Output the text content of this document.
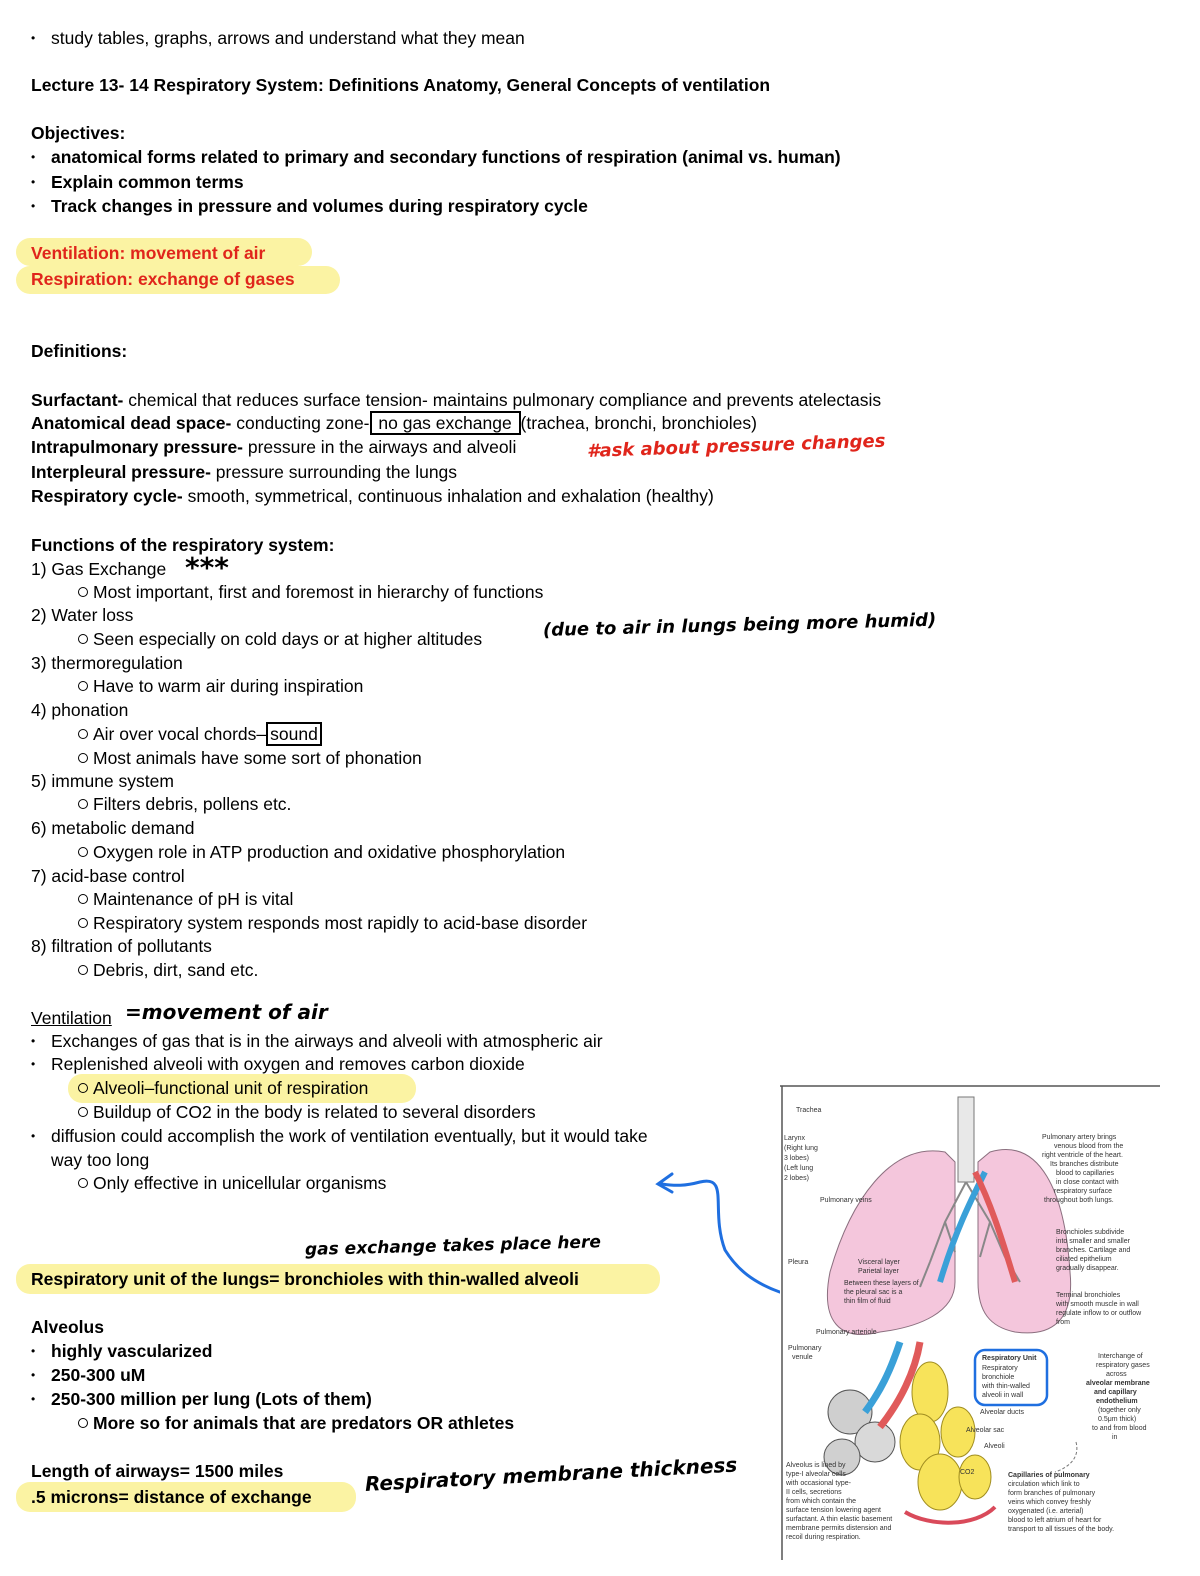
• study tables, graphs, arrows and understand what they mean
Lecture 13- 14 Respiratory System: Definitions Anatomy, General Concepts of ventilation
Objectives:
• anatomical forms related to primary and secondary functions of respiration (animal vs. human)
• Explain common terms
• Track changes in pressure and volumes during respiratory cycle
Ventilation: movement of air
Respiration: exchange of gases
Definitions:
Surfactant- chemical that reduces surface tension- maintains pulmonary compliance and prevents atelectasis
Anatomical dead space- conducting zone- no gas exchange (trachea, bronchi, bronchioles)
Intrapulmonary pressure- pressure in the airways and alveoli
Interpleural pressure- pressure surrounding the lungs
Respiratory cycle- smooth, symmetrical, continuous inhalation and exhalation (healthy)
#ask about pressure changes
Functions of the respiratory system:
1) Gas Exchange ***
Most important, first and foremost in hierarchy of functions
2) Water loss
Seen especially on cold days or at higher altitudes	(due to air in lungs being more humid)
3) thermoregulation
Have to warm air during inspiration
4) phonation
Air over vocal chords– sound
Most animals have some sort of phonation
5) immune system
Filters debris, pollens etc.
6) metabolic demand
Oxygen role in ATP production and oxidative phosphorylation
7) acid-base control
Maintenance of pH is vital
Respiratory system responds most rapidly to acid-base disorder
8) filtration of pollutants
Debris, dirt, sand etc.
Ventilation =movement of air
• Exchanges of gas that is in the airways and alveoli with atmospheric air
• Replenished alveoli with oxygen and removes carbon dioxide
Alveoli–functional unit of respiration
Buildup of CO2 in the body is related to several disorders
• diffusion could accomplish the work of ventilation eventually, but it would take
way too long
Only effective in unicellular organisms
gas exchange takes place here
Respiratory unit of the lungs= bronchioles with thin-walled alveoli
Alveolus
• highly vascularized
• 250-300 uM
• 250-300 million per lung (Lots of them)
More so for animals that are predators OR athletes
Length of airways= 1500 miles
.5 microns= distance of exchange
Respiratory membrane thickness
Trachea
Larynx
(Right lung
3 lobes)
(Left lung
2 lobes)
Pulmonary veins
Pleura	Visceral layer
Parietal layer
Between these layers of
the pleural sac is a
thin film of fluid
Pulmonary artery brings
venous blood from the
right ventricle of the heart.
Its branches distribute
blood to capillaries
in close contact with
respiratory surface
throughout both lungs.
Bronchioles subdivide
into smaller and smaller
branches. Cartilage and
ciliated epithelium
gradually disappear.
Terminal bronchioles
with smooth muscle in wall
regulate inflow to or outflow
from
Pulmonary arteriole
Pulmonary
venule	Respiratory Unit
Respiratory
bronchiole
with thin-walled
alveoli in wall
Alveolar ducts
Alveolar sac
Alveoli
CO2
Interchange of
respiratory gases
across
alveolar membrane
and capillary
endothelium
(together only
0.5μm thick)
to and from blood
in
Alveolus is lined by
type-I alveolar cells
with occasional type-
II cells, secretions
from which contain the
surface tension lowering agent
surfactant. A thin elastic basement
membrane permits distension and
recoil during respiration.
Capillaries of pulmonary
circulation which link to
form branches of pulmonary
veins which convey freshly
oxygenated (i.e. arterial)
blood to left atrium of heart for
transport to all tissues of the body.
